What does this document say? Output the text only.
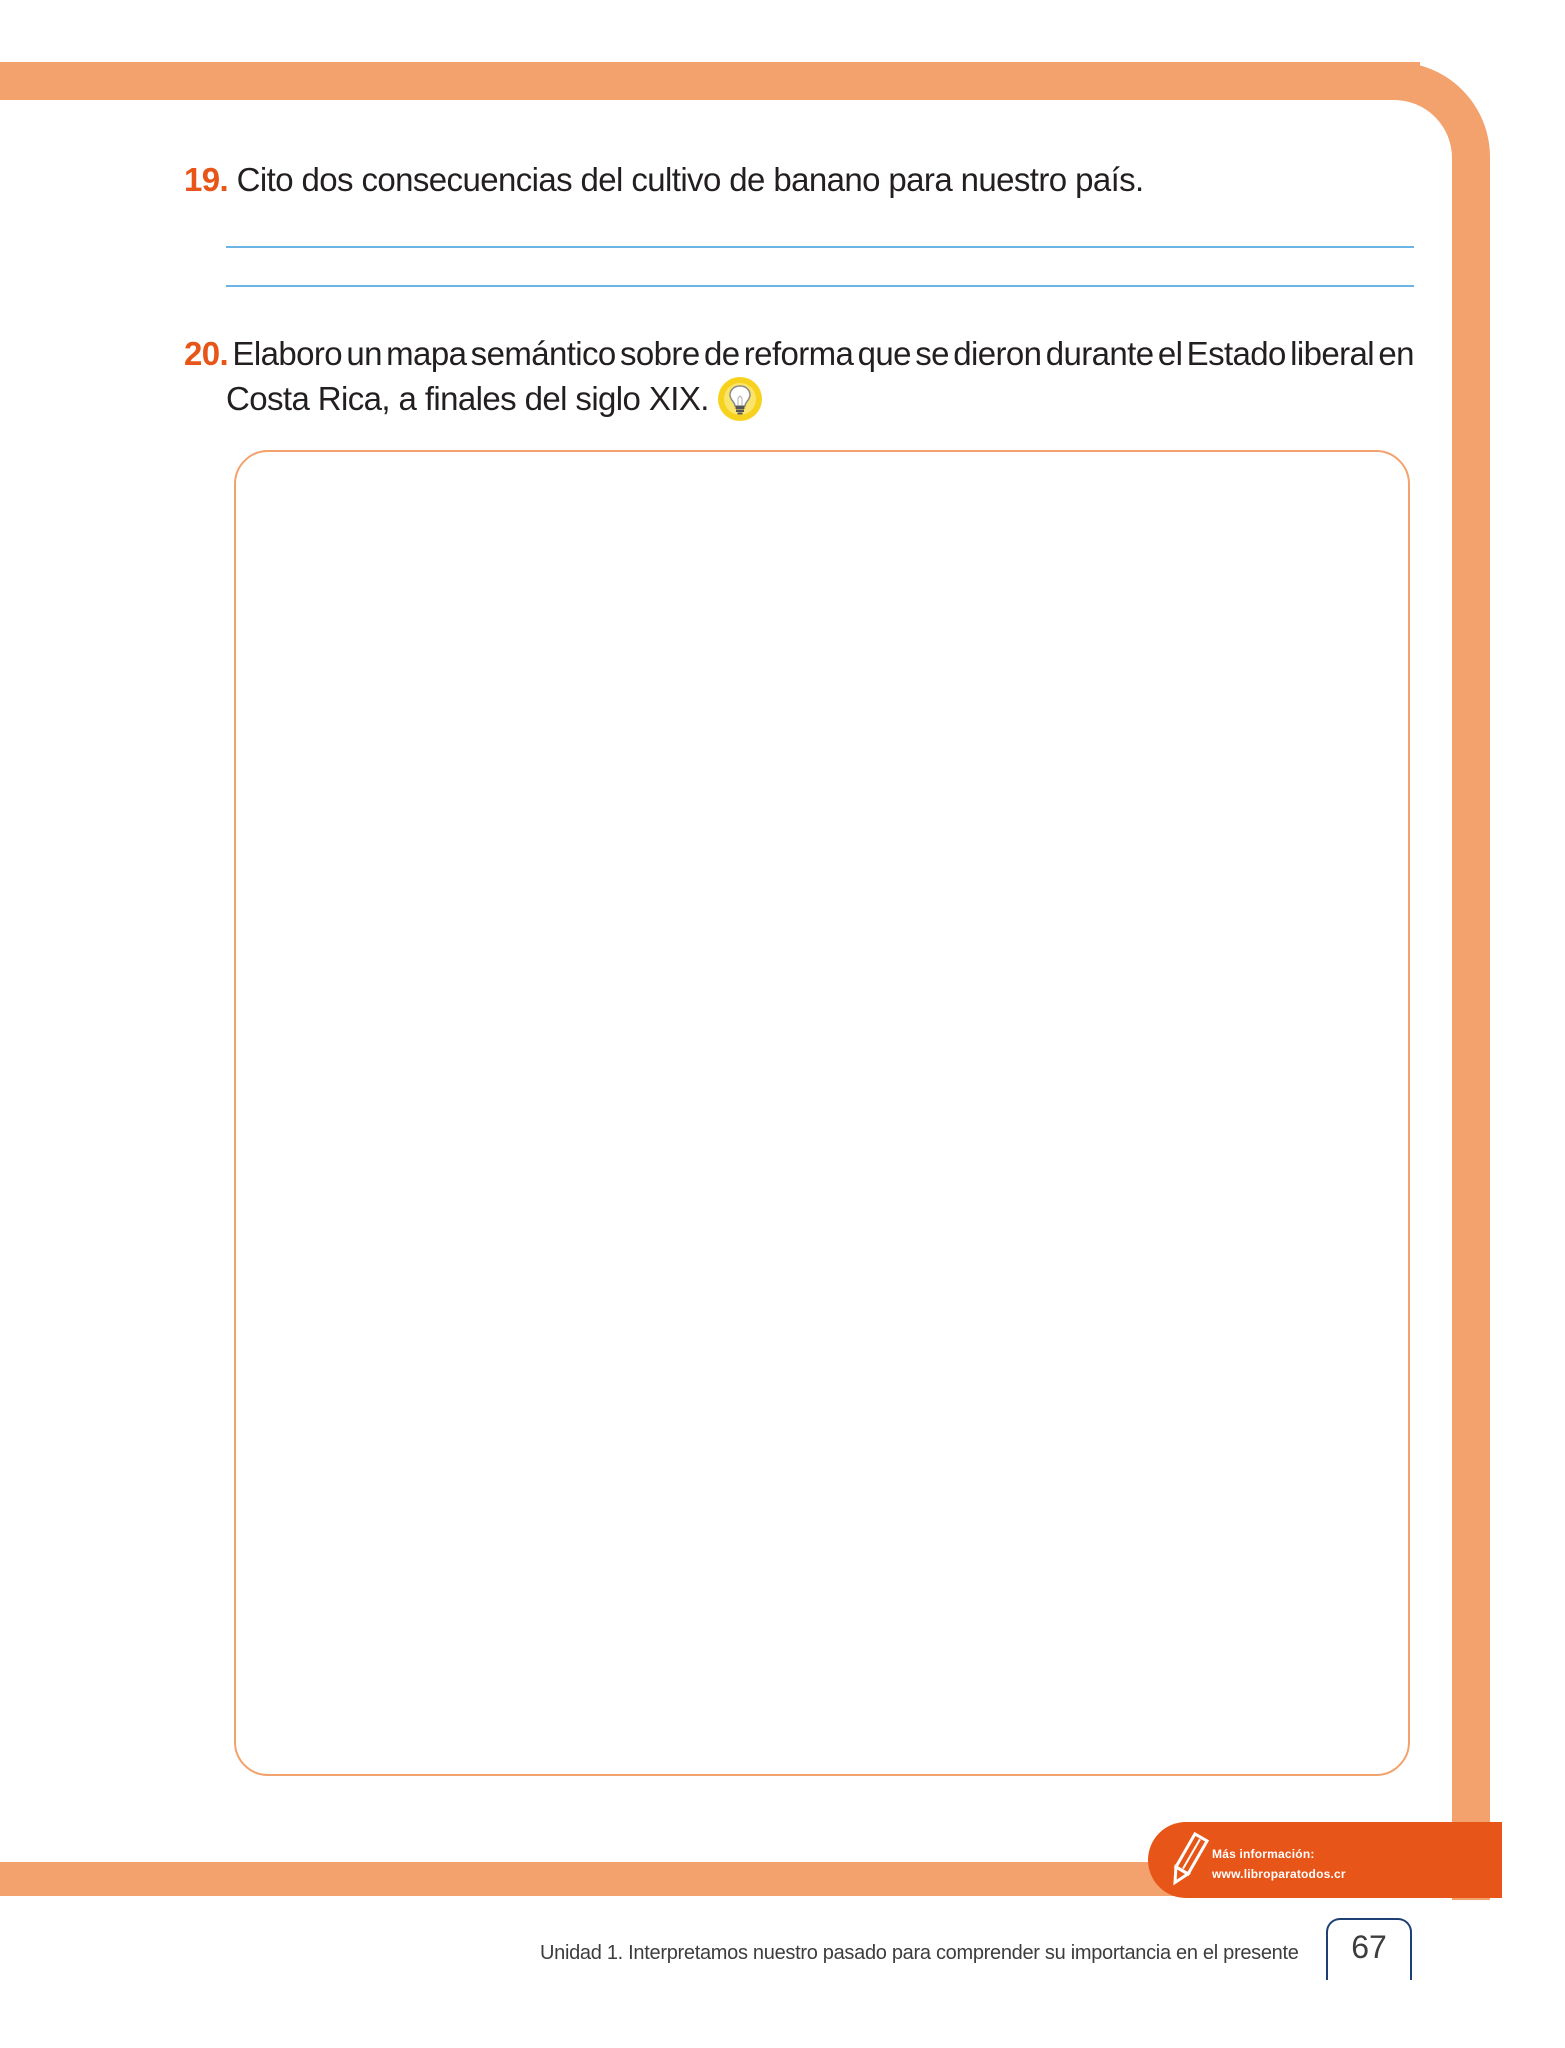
19. Cito dos consecuencias del cultivo de banano para nuestro país.
20. Elaboro un mapa semántico sobre de reforma que se dieron durante el Estado liberal en
Costa Rica, a finales del siglo XIX.
Más información:
www.libroparatodos.cr
Unidad 1. Interpretamos nuestro pasado para comprender su importancia en el presente	67
